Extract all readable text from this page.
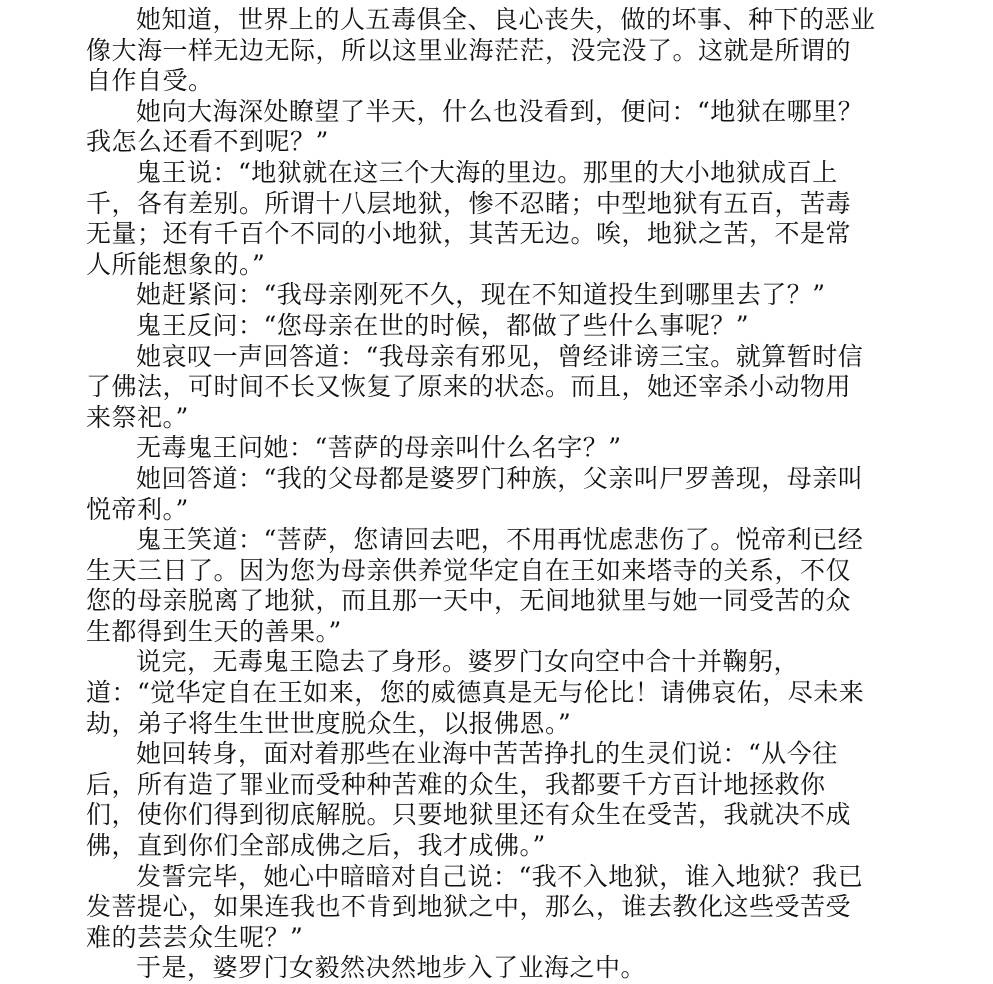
她知道，世界上的人五毒俱全、良心丧失，做的坏事、种下的恶业
像大海一样无边无际，所以这里业海茫茫，没完没了。这就是所谓的
自作自受。

她向大海深处瞭望了半天，什么也没看到，便问：“地狱在哪里？
我怎么还看不到呢？”

鬼王说：“地狱就在这三个大海的里边。那里的大小地狱成百上
千，各有差别。所谓十八层地狱，惨不忍睹；中型地狱有五百，苦毒
无量；还有千百个不同的小地狱，其苦无边。唉，地狱之苦，不是常
人所能想象的。”

她赶紧问：“我母亲刚死不久，现在不知道投生到哪里去了？”

鬼王反问：“您母亲在世的时候，都做了些什么事呢？”

她哀叹一声回答道：“我母亲有邪见，曾经诽谤三宝。就算暂时信
了佛法，可时间不长又恢复了原来的状态。而且，她还宰杀小动物用
来祭祀。”

无毒鬼王问她：“菩萨的母亲叫什么名字？”

她回答道：“我的父母都是婆罗门种族，父亲叫尸罗善现，母亲叫
悦帝利。”

鬼王笑道：“菩萨，您请回去吧，不用再忧虑悲伤了。悦帝利已经
生天三日了。因为您为母亲供养觉华定自在王如来塔寺的关系，不仅
您的母亲脱离了地狱，而且那一天中，无间地狱里与她一同受苦的众
生都得到生天的善果。”

说完，无毒鬼王隐去了身形。婆罗门女向空中合十并鞠躬，
道：“觉华定自在王如来，您的威德真是无与伦比！请佛哀佑，尽未来
劫，弟子将生生世世度脱众生，以报佛恩。”

她回转身，面对着那些在业海中苦苦挣扎的生灵们说：“从今往
后，所有造了罪业而受种种苦难的众生，我都要千方百计地拯救你
们，使你们得到彻底解脱。只要地狱里还有众生在受苦，我就决不成
佛，直到你们全部成佛之后，我才成佛。”

发誓完毕，她心中暗暗对自己说：“我不入地狱，谁入地狱？我已
发菩提心，如果连我也不肯到地狱之中，那么，谁去教化这些受苦受
难的芸芸众生呢？”

于是，婆罗门女毅然决然地步入了业海之中。
